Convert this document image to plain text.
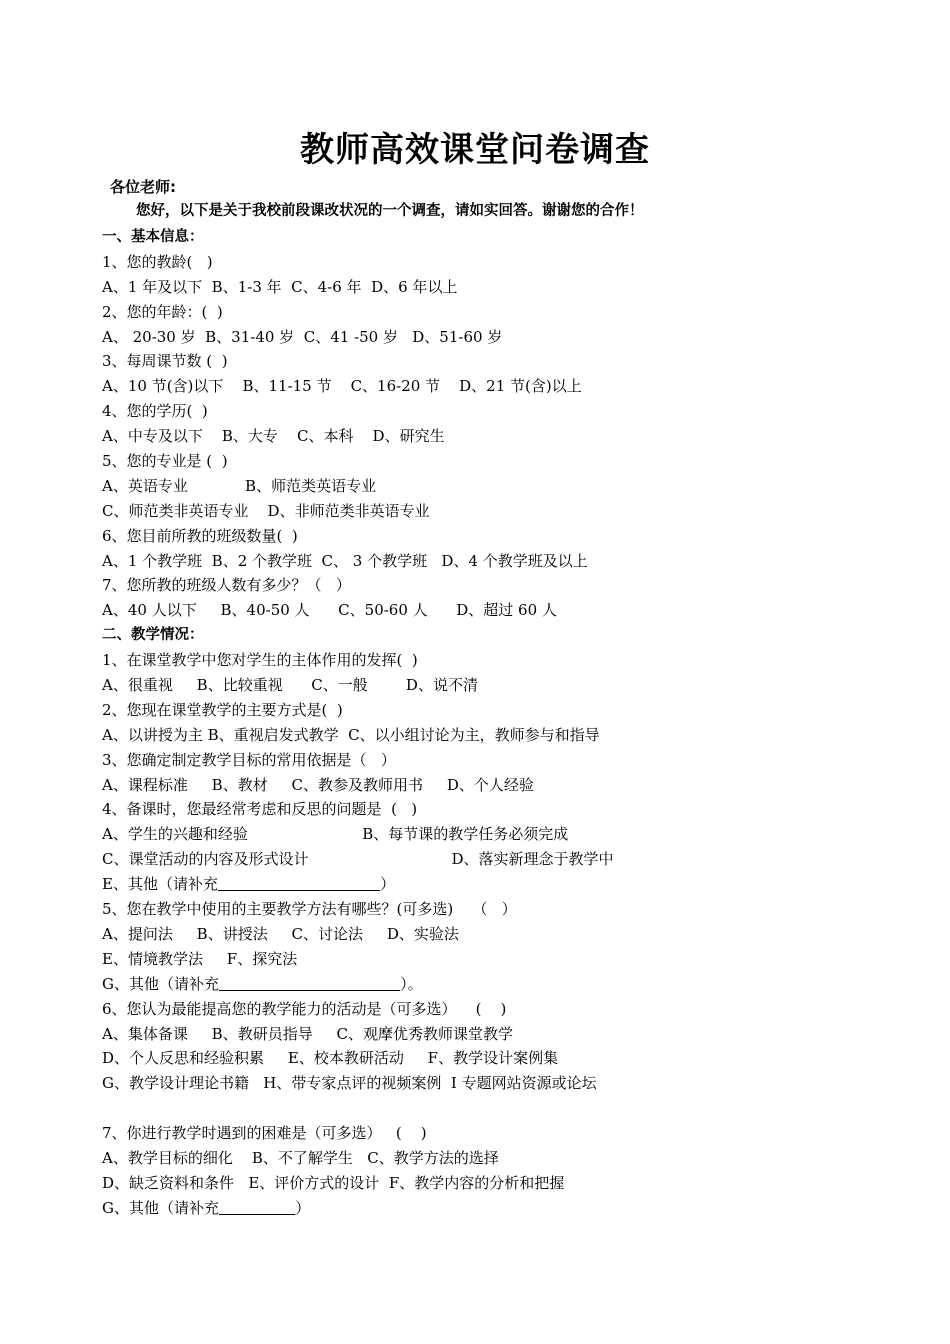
教师高效课堂问卷调查
各位老师:
您好，以下是关于我校前段课改状况的一个调查，请如实回答。谢谢您的合作！
一、基本信息：
1、您的教龄(   )
A、1 年及以下  B、1-3 年  C、4-6 年  D、6 年以上
2、您的年龄：(  )
A、 20-30 岁  B、31-40 岁  C、41 -50 岁   D、51-60 岁
3、每周课节数 (  )
A、10 节(含)以下    B、11-15 节    C、16-20 节    D、21 节(含)以上
4、您的学历(  )
A、中专及以下    B、大专    C、本科    D、研究生
5、您的专业是 (  )
A、英语专业            B、师范类英语专业
C、师范类非英语专业    D、非师范类非英语专业
6、您目前所教的班级数量(  )
A、1 个教学班  B、2 个教学班  C、 3 个教学班   D、4 个教学班及以上
7、您所教的班级人数有多少？（   ）
A、40 人以下     B、40-50 人      C、50-60 人      D、超过 60 人
二、教学情况：
1、在课堂教学中您对学生的主体作用的发挥(  )
A、很重视     B、比较重视      C、一般        D、说不清
2、您现在课堂教学的主要方式是(  )
A、以讲授为主 B、重视启发式教学  C、以小组讨论为主，教师参与和指导
3、您确定制定教学目标的常用依据是（   ）
A、课程标准     B、教材     C、教参及教师用书     D、个人经验
4、备课时，您最经常考虑和反思的问题是  (   )
A、学生的兴趣和经验                        B、每节课的教学任务必须完成
C、课堂活动的内容及形式设计                              D、落实新理念于教学中
E、其他（请补充	）
5、您在教学中使用的主要教学方法有哪些？(可多选)    （   ）
A、提问法     B、讲授法     C、讨论法     D、实验法
E、情境教学法     F、探究法
G、其他（请补充	）。
6、您认为最能提高您的教学能力的活动是（可多选）    (    )
A、集体备课     B、教研员指导     C、观摩优秀教师课堂教学
D、个人反思和经验积累     E、校本教研活动     F、教学设计案例集
G、教学设计理论书籍   H、带专家点评的视频案例  I 专题网站资源或论坛
7、你进行教学时遇到的困难是（可多选）   (    )
A、教学目标的细化    B、不了解学生   C、教学方法的选择
D、缺乏资料和条件   E、评价方式的设计  F、教学内容的分析和把握
G、其他（请补充	）
